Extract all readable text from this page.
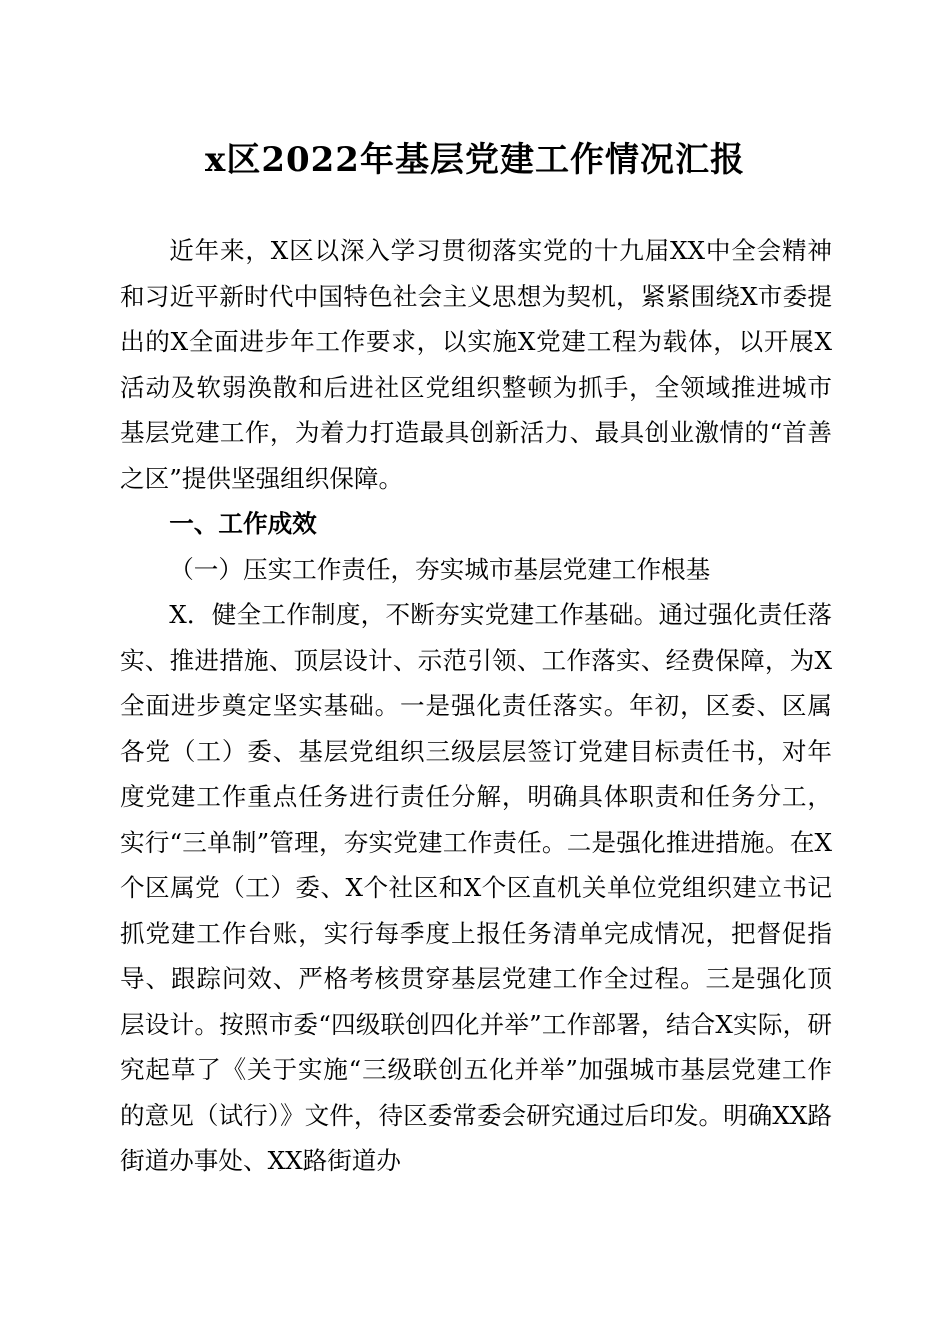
x区2022年基层党建工作情况汇报

近年来，X区以深入学习贯彻落实党的十九届XX中全会精神和习近平新时代中国特色社会主义思想为契机，紧紧围绕X市委提出的X全面进步年工作要求，以实施X党建工程为载体，以开展X活动及软弱涣散和后进社区党组织整顿为抓手，全领域推进城市基层党建工作，为着力打造最具创新活力、最具创业激情的“首善之区”提供坚强组织保障。

一、工作成效

（一）压实工作责任，夯实城市基层党建工作根基

X．健全工作制度，不断夯实党建工作基础。通过强化责任落实、推进措施、顶层设计、示范引领、工作落实、经费保障，为X全面进步奠定坚实基础。一是强化责任落实。年初，区委、区属各党（工）委、基层党组织三级层层签订党建目标责任书，对年度党建工作重点任务进行责任分解，明确具体职责和任务分工，实行“三单制”管理，夯实党建工作责任。二是强化推进措施。在X个区属党（工）委、X个社区和X个区直机关单位党组织建立书记抓党建工作台账，实行每季度上报任务清单完成情况，把督促指导、跟踪问效、严格考核贯穿基层党建工作全过程。三是强化顶层设计。按照市委“四级联创四化并举”工作部署，结合X实际，研究起草了《关于实施“三级联创五化并举”加强城市基层党建工作的意见（试行）》文件，待区委常委会研究通过后印发。明确XX路街道办事处、XX路街道办
